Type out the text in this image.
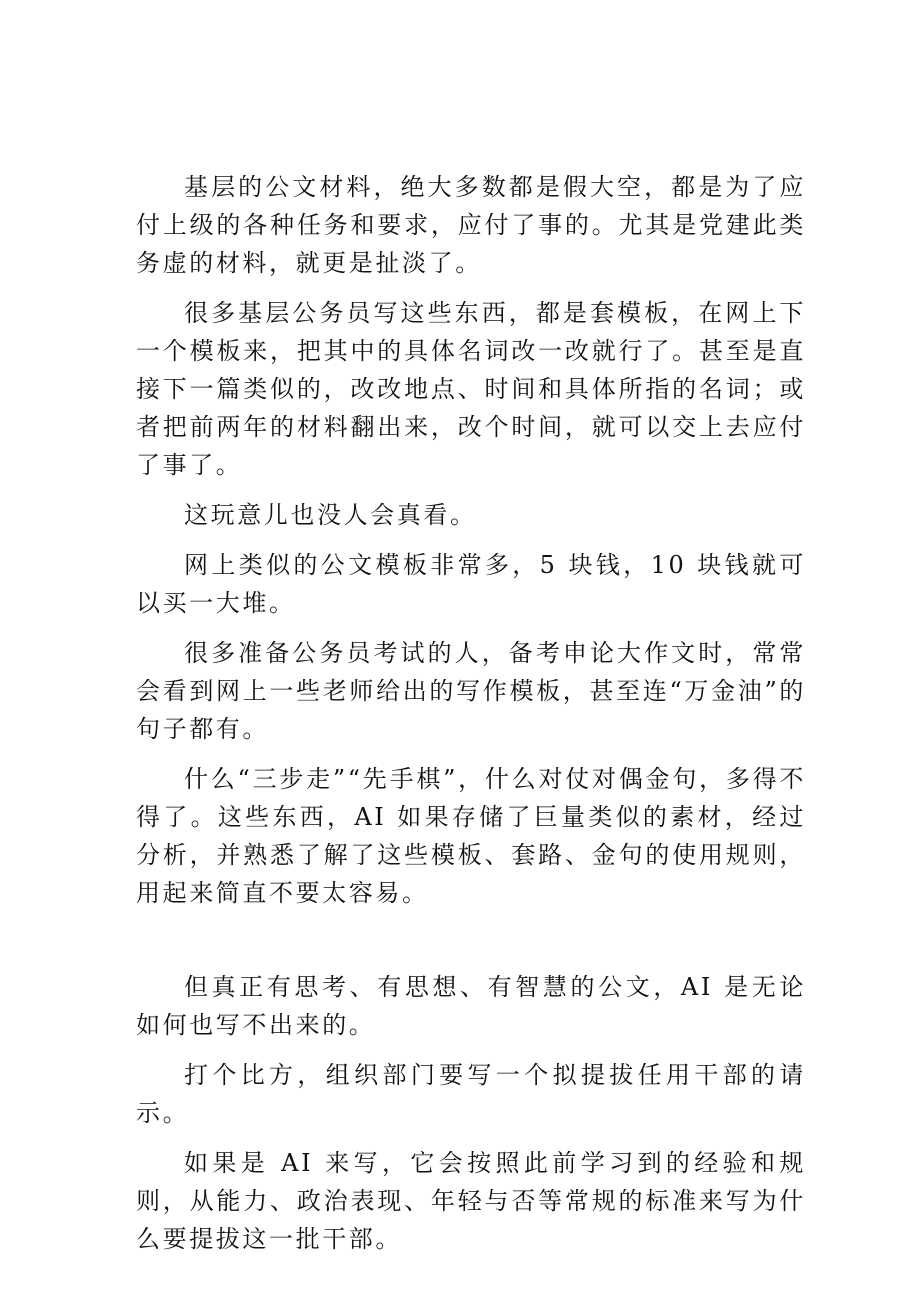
基层的公文材料，绝大多数都是假大空，都是为了应付上级的各种任务和要求，应付了事的。尤其是党建此类务虚的材料，就更是扯淡了。

很多基层公务员写这些东西，都是套模板，在网上下一个模板来，把其中的具体名词改一改就行了。甚至是直接下一篇类似的，改改地点、时间和具体所指的名词；或者把前两年的材料翻出来，改个时间，就可以交上去应付了事了。

这玩意儿也没人会真看。

网上类似的公文模板非常多，5 块钱，10 块钱就可以买一大堆。

很多准备公务员考试的人，备考申论大作文时，常常会看到网上一些老师给出的写作模板，甚至连“万金油”的句子都有。

什么“三步走”“先手棋”，什么对仗对偶金句，多得不得了。这些东西，AI 如果存储了巨量类似的素材，经过分析，并熟悉了解了这些模板、套路、金句的使用规则，用起来简直不要太容易。

但真正有思考、有思想、有智慧的公文，AI 是无论如何也写不出来的。

打个比方，组织部门要写一个拟提拔任用干部的请示。

如果是 AI 来写，它会按照此前学习到的经验和规则，从能力、政治表现、年轻与否等常规的标准来写为什么要提拔这一批干部。
